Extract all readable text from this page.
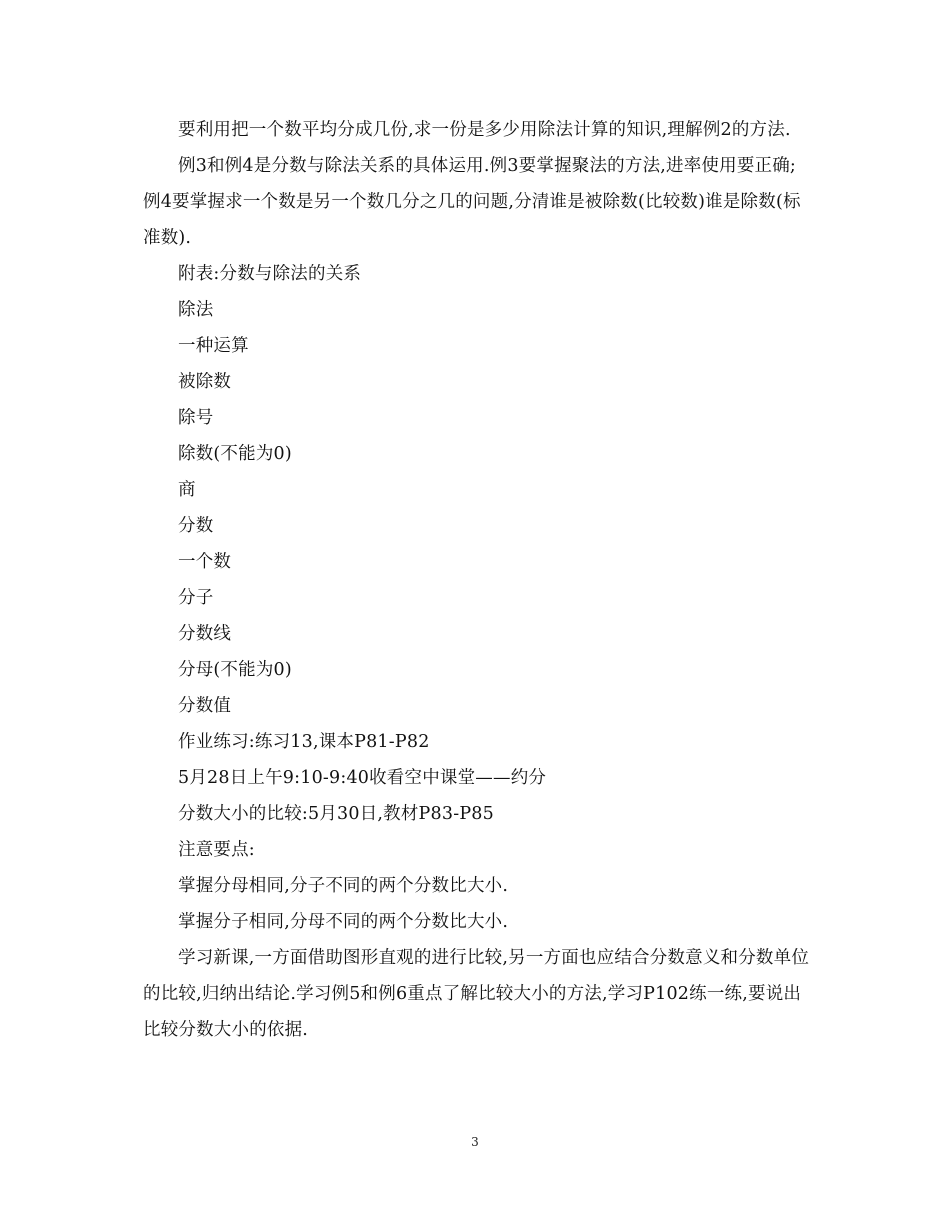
要利用把一个数平均分成几份,求一份是多少用除法计算的知识,理解例2的方法.

例3和例4是分数与除法关系的具体运用.例3要掌握聚法的方法,进率使用要正确;例4要掌握求一个数是另一个数几分之几的问题,分清谁是被除数(比较数)谁是除数(标准数).

附表:分数与除法的关系

除法

一种运算

被除数

除号

除数(不能为0)

商

分数

一个数

分子

分数线

分母(不能为0)

分数值

作业练习:练习13,课本P81-P82

5月28日上午9:10-9:40收看空中课堂——约分

分数大小的比较:5月30日,教材P83-P85

注意要点:

掌握分母相同,分子不同的两个分数比大小.

掌握分子相同,分母不同的两个分数比大小.

学习新课,一方面借助图形直观的进行比较,另一方面也应结合分数意义和分数单位的比较,归纳出结论.学习例5和例6重点了解比较大小的方法,学习P102练一练,要说出比较分数大小的依据.

3
